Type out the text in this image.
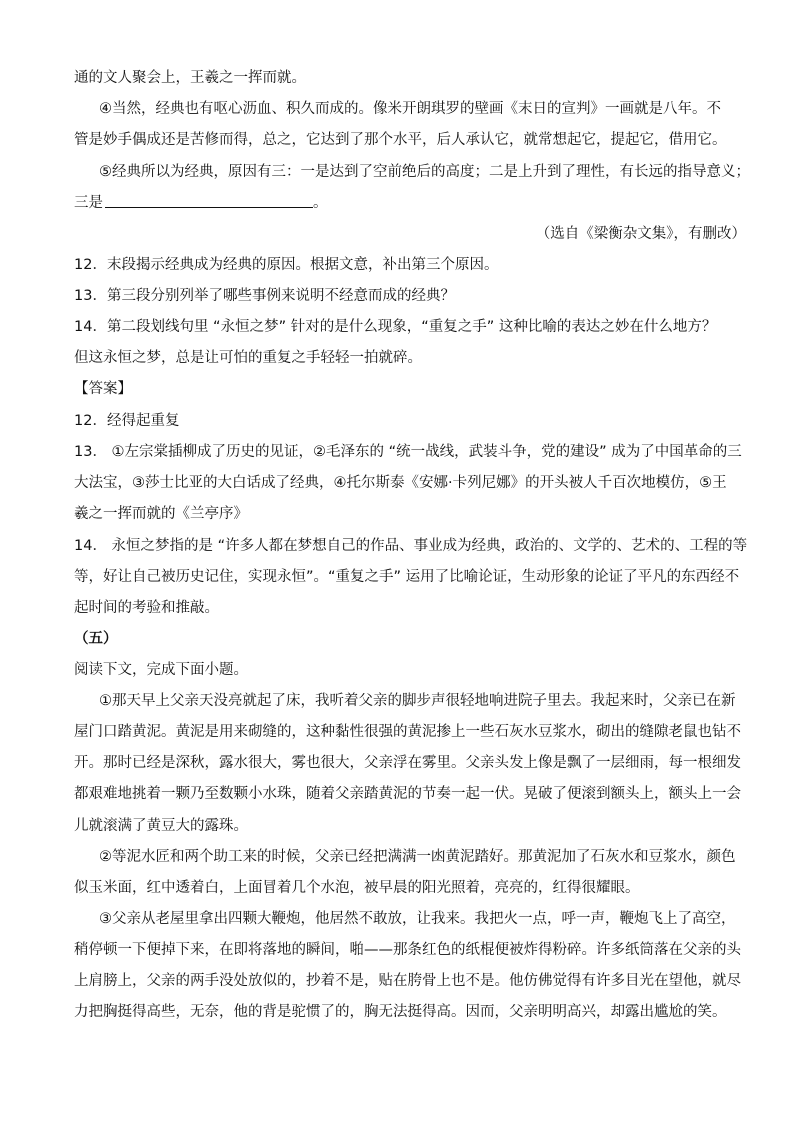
通的文人聚会上，王羲之一挥而就。
④当然，经典也有呕心沥血、积久而成的。像米开朗琪罗的壁画《末日的宣判》一画就是八年。不
管是妙手偶成还是苦修而得，总之，它达到了那个水平，后人承认它，就常想起它，提起它，借用它。
⑤经典所以为经典，原因有三：一是达到了空前绝后的高度；二是上升到了理性，有长远的指导意义；
三是	。
（选自《梁衡杂文集》，有删改）
12．末段揭示经典成为经典的原因。根据文意，补出第三个原因。
13．第三段分别列举了哪些事例来说明不经意而成的经典？
14．第二段划线句里 “永恒之梦” 针对的是什么现象，“重复之手” 这种比喻的表达之妙在什么地方？
但这永恒之梦，总是让可怕的重复之手轻轻一拍就碎。
【答案】
12．经得起重复
13． ①左宗棠插柳成了历史的见证，②毛泽东的 “统一战线，武装斗争，党的建设” 成为了中国革命的三
大法宝，③莎士比亚的大白话成了经典，④托尔斯泰《安娜·卡列尼娜》的开头被人千百次地模仿，⑤王
羲之一挥而就的《兰亭序》
14． 永恒之梦指的是 “许多人都在梦想自己的作品、事业成为经典，政治的、文学的、艺术的、工程的等
等，好让自己被历史记住，实现永恒”。“重复之手” 运用了比喻论证，生动形象的论证了平凡的东西经不
起时间的考验和推敲。
（五）
阅读下文，完成下面小题。
①那天早上父亲天没亮就起了床，我听着父亲的脚步声很轻地响进院子里去。我起来时，父亲已在新
屋门口踏黄泥。黄泥是用来砌缝的，这种黏性很强的黄泥掺上一些石灰水豆浆水，砌出的缝隙老鼠也钻不
开。那时已经是深秋，露水很大，雾也很大，父亲浮在雾里。父亲头发上像是飘了一层细雨，每一根细发
都艰难地挑着一颗乃至数颗小水珠，随着父亲踏黄泥的节奏一起一伏。晃破了便滚到额头上，额头上一会
儿就滚满了黄豆大的露珠。
②等泥水匠和两个助工来的时候，父亲已经把满满一凼黄泥踏好。那黄泥加了石灰水和豆浆水，颜色
似玉米面，红中透着白，上面冒着几个水泡，被早晨的阳光照着，亮亮的，红得很耀眼。
③父亲从老屋里拿出四颗大鞭炮，他居然不敢放，让我来。我把火一点，呼一声，鞭炮飞上了高空，
稍停顿一下便掉下来，在即将落地的瞬间，啪——那条红色的纸棍便被炸得粉碎。许多纸筒落在父亲的头
上肩膀上，父亲的两手没处放似的，抄着不是，贴在胯骨上也不是。他仿佛觉得有许多目光在望他，就尽
力把胸挺得高些，无奈，他的背是驼惯了的，胸无法挺得高。因而，父亲明明高兴，却露出尴尬的笑。
